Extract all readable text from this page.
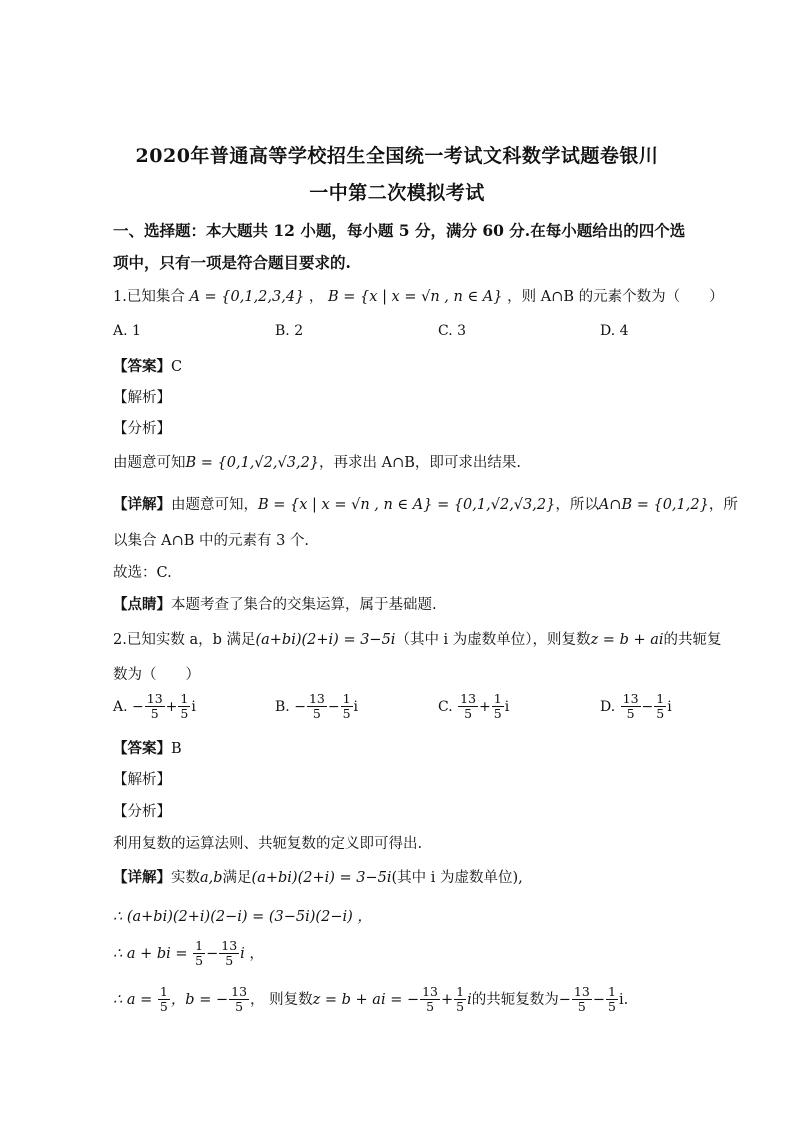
2020年普通高等学校招生全国统一考试文科数学试题卷银川
一中第二次模拟考试
一、选择题：本大题共 12 小题，每小题 5 分，满分 60 分.在每小题给出的四个选
项中，只有一项是符合题目要求的.
1.已知集合 A = {0,1,2,3,4} ， B = {x | x = √n , n ∈ A} ，则 A∩B 的元素个数为（　　）
A. 1	B. 2	C. 3	D. 4
【答案】C
【解析】
【分析】
由题意可知B = {0,1,√2,√3,2}，再求出 A∩B，即可求出结果.
【详解】由题意可知，B = {x | x = √n , n ∈ A} = {0,1,√2,√3,2}，所以A∩B = {0,1,2}，所
以集合 A∩B 中的元素有 3 个.
故选：C.
【点睛】本题考查了集合的交集运算，属于基础题.
2.已知实数 a，b 满足(a+bi)(2+i) = 3−5i（其中 i 为虚数单位），则复数z = b + ai的共轭复
数为（　　）
A. − $\frac{13}{5} + \frac{1}{5}$ i	B. − $\frac{13}{5} - \frac{1}{5}$ i	C. $\frac{13}{5} + \frac{1}{5}$ i	D. $\frac{13}{5} - \frac{1}{5}$ i
【答案】B
【解析】
【分析】
利用复数的运算法则、共轭复数的定义即可得出.
【详解】实数a,b满足(a+bi)(2+i) = 3−5i(其中 i 为虚数单位),
∴ (a+bi)(2+i)(2−i) = (3−5i)(2−i) ，
∴ a + bi = $\frac{1}{5} - \frac{13}{5}$ i ，
∴ $a = \frac{1}{5}$ ，b = − $\frac{13}{5}$ ， 则复数z = b + ai = − $\frac{13}{5} + \frac{1}{5}$ i的共轭复数为− $\frac{13}{5} - \frac{1}{5} i$.
